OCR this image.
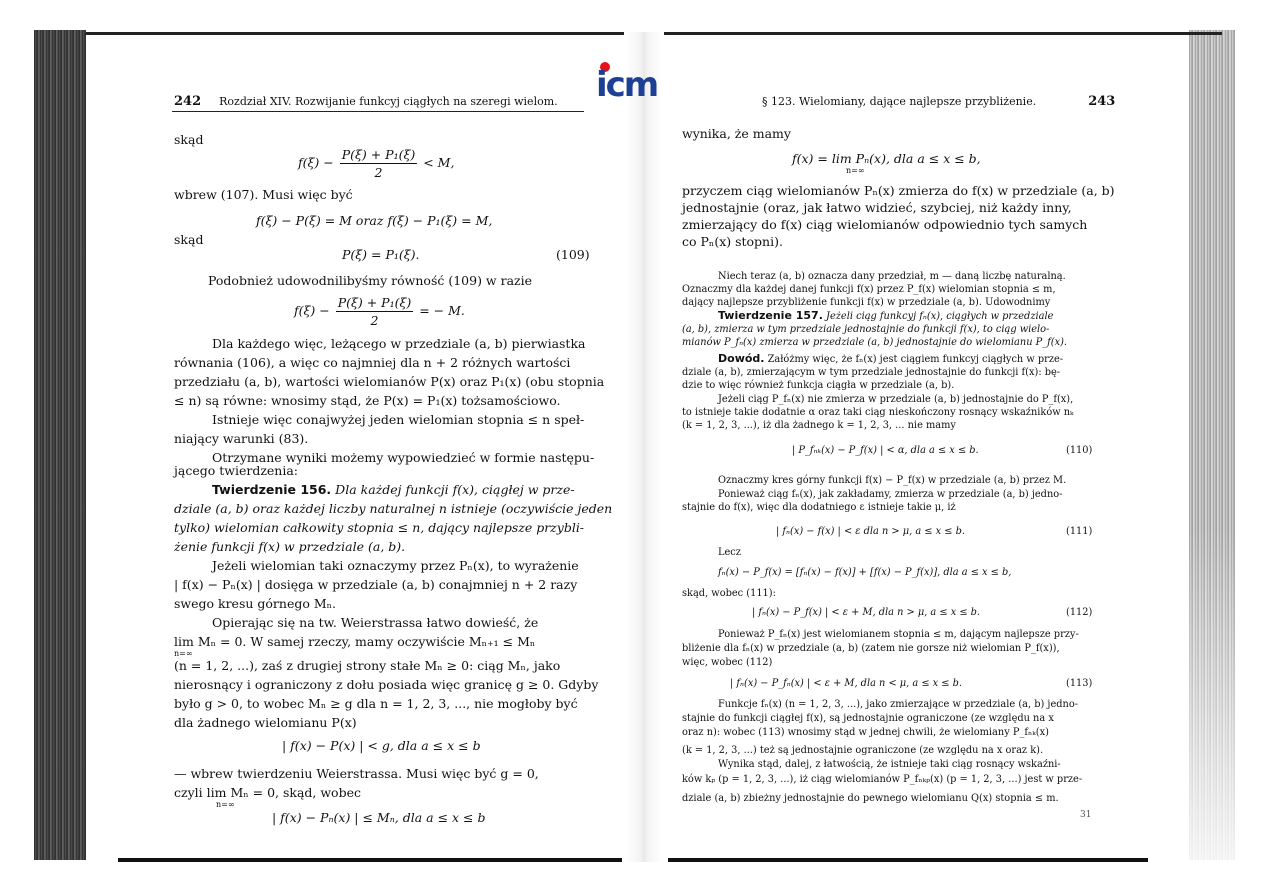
icm
242 Rozdział XIV. Rozwijanie funkcyj ciągłych na szeregi wielom.
skąd
$f(\xi) - \frac{\text{P(ξ) + P₁(ξ)}}{2} < M$,
wbrew (107). Musi więc być
f(ξ) − P(ξ) = M oraz f(ξ) − P₁(ξ) = M,
skąd
P(ξ) = P₁(ξ).	(109)
Podobnież udowodnilibyśmy równość (109) w razie
$f(\xi) - \frac{\text{P(ξ) + P₁(ξ)}}{2}$ = − M.
Dla każdego więc, leżącego w przedziale (a, b) pierwiastka
równania (106), a więc co najmniej dla n + 2 różnych wartości
przedziału (a, b), wartości wielomianów P(x) oraz P₁(x) (obu stopnia
≤ n) są równe: wnosimy stąd, że P(x) = P₁(x) tożsamościowo.
Istnieje więc conajwyżej jeden wielomian stopnia ≤ n speł-
niający warunki (83).
Otrzymane wyniki możemy wypowiedzieć w formie następu-
jącego twierdzenia:
Twierdzenie 156. Dla każdej funkcji f(x), ciągłej w prze-
dziale (a, b) oraz każdej liczby naturalnej n istnieje (oczywiście jeden
tylko) wielomian całkowity stopnia ≤ n, dający najlepsze przybli-
żenie funkcji f(x) w przedziale (a, b).
Jeżeli wielomian taki oznaczymy przez Pₙ(x), to wyrażenie
| f(x) − Pₙ(x) | dosięga w przedziale (a, b) conajmniej n + 2 razy
swego kresu górnego Mₙ.
Opierając się na tw. Weierstrassa łatwo dowieść, że
lim Mₙ = 0. W samej rzeczy, mamy oczywiście Mₙ₊₁ ≤ Mₙ
n=∞
(n = 1, 2, ...), zaś z drugiej strony stałe Mₙ ≥ 0: ciąg Mₙ, jako
nierosnący i ograniczony z dołu posiada więc granicę g ≥ 0. Gdyby
było g > 0, to wobec Mₙ ≥ g dla n = 1, 2, 3, ..., nie mogłoby być
dla żadnego wielomianu P(x)
| f(x) − P(x) | < g, dla a ≤ x ≤ b
— wbrew twierdzeniu Weierstrassa. Musi więc być g = 0,
czyli lim Mₙ = 0, skąd, wobec
n=∞
| f(x) − Pₙ(x) | ≤ Mₙ, dla a ≤ x ≤ b
§ 123. Wielomiany, dające najlepsze przybliżenie.	243
wynika, że mamy
f(x) = lim Pₙ(x), dla a ≤ x ≤ b,
n=∞
przyczem ciąg wielomianów Pₙ(x) zmierza do f(x) w przedziale (a, b)
jednostajnie (oraz, jak łatwo widzieć, szybciej, niż każdy inny,
zmierzający do f(x) ciąg wielomianów odpowiednio tych samych
co Pₙ(x) stopni).
Niech teraz (a, b) oznacza dany przedział, m — daną liczbę naturalną.
Oznaczmy dla każdej danej funkcji f(x) przez P_f(x) wielomian stopnia ≤ m,
dający najlepsze przybliżenie funkcji f(x) w przedziale (a, b). Udowodnimy
Twierdzenie 157. Jeżeli ciąg funkcyj fₙ(x), ciągłych w przedziale
(a, b), zmierza w tym przedziale jednostajnie do funkcji f(x), to ciąg wielo-
mianów P_fₙ(x) zmierza w przedziale (a, b) jednostajnie do wielomianu P_f(x).
Dowód. Załóżmy więc, że fₙ(x) jest ciągiem funkcyj ciągłych w prze-
dziale (a, b), zmierzającym w tym przedziale jednostajnie do funkcji f(x): bę-
dzie to więc również funkcja ciągła w przedziale (a, b).
Jeżeli ciąg P_fₙ(x) nie zmierza w przedziale (a, b) jednostajnie do P_f(x),
to istnieje takie dodatnie α oraz taki ciąg nieskończony rosnący wskaźników nₖ
(k = 1, 2, 3, ...), iż dla żadnego k = 1, 2, 3, ... nie mamy
| P_fₙₖ(x) − P_f(x) | < α, dla a ≤ x ≤ b.	(110)
Oznaczmy kres górny funkcji f(x) − P_f(x) w przedziale (a, b) przez M.
Ponieważ ciąg fₙ(x), jak zakładamy, zmierza w przedziale (a, b) jedno-
stajnie do f(x), więc dla dodatniego ε istnieje takie μ, iż
| fₙ(x) − f(x) | < ε dla n > μ, a ≤ x ≤ b.	(111)
Lecz
fₙ(x) − P_f(x) = [fₙ(x) − f(x)] + [f(x) − P_f(x)], dla a ≤ x ≤ b,
skąd, wobec (111):
| fₙ(x) − P_f(x) | < ε + M, dla n > μ, a ≤ x ≤ b.	(112)
Ponieważ P_fₙ(x) jest wielomianem stopnia ≤ m, dającym najlepsze przy-
bliżenie dla fₙ(x) w przedziale (a, b) (zatem nie gorsze niż wielomian P_f(x)),
więc, wobec (112)
| fₙ(x) − P_fₙ(x) | < ε + M, dla n < μ, a ≤ x ≤ b.	(113)
Funkcje fₙ(x) (n = 1, 2, 3, ...), jako zmierzające w przedziale (a, b) jedno-
stajnie do funkcji ciągłej f(x), są jednostajnie ograniczone (ze względu na x
oraz n): wobec (113) wnosimy stąd w jednej chwili, że wielomiany P_fₙₖ(x)
(k = 1, 2, 3, ...) też są jednostajnie ograniczone (ze względu na x oraz k).
Wynika stąd, dalej, z łatwością, że istnieje taki ciąg rosnący wskaźni-
ków kₚ (p = 1, 2, 3, ...), iż ciąg wielomianów P_fₙₖₚ(x) (p = 1, 2, 3, ...) jest w prze-
dziale (a, b) zbieżny jednostajnie do pewnego wielomianu Q(x) stopnia ≤ m.
31
